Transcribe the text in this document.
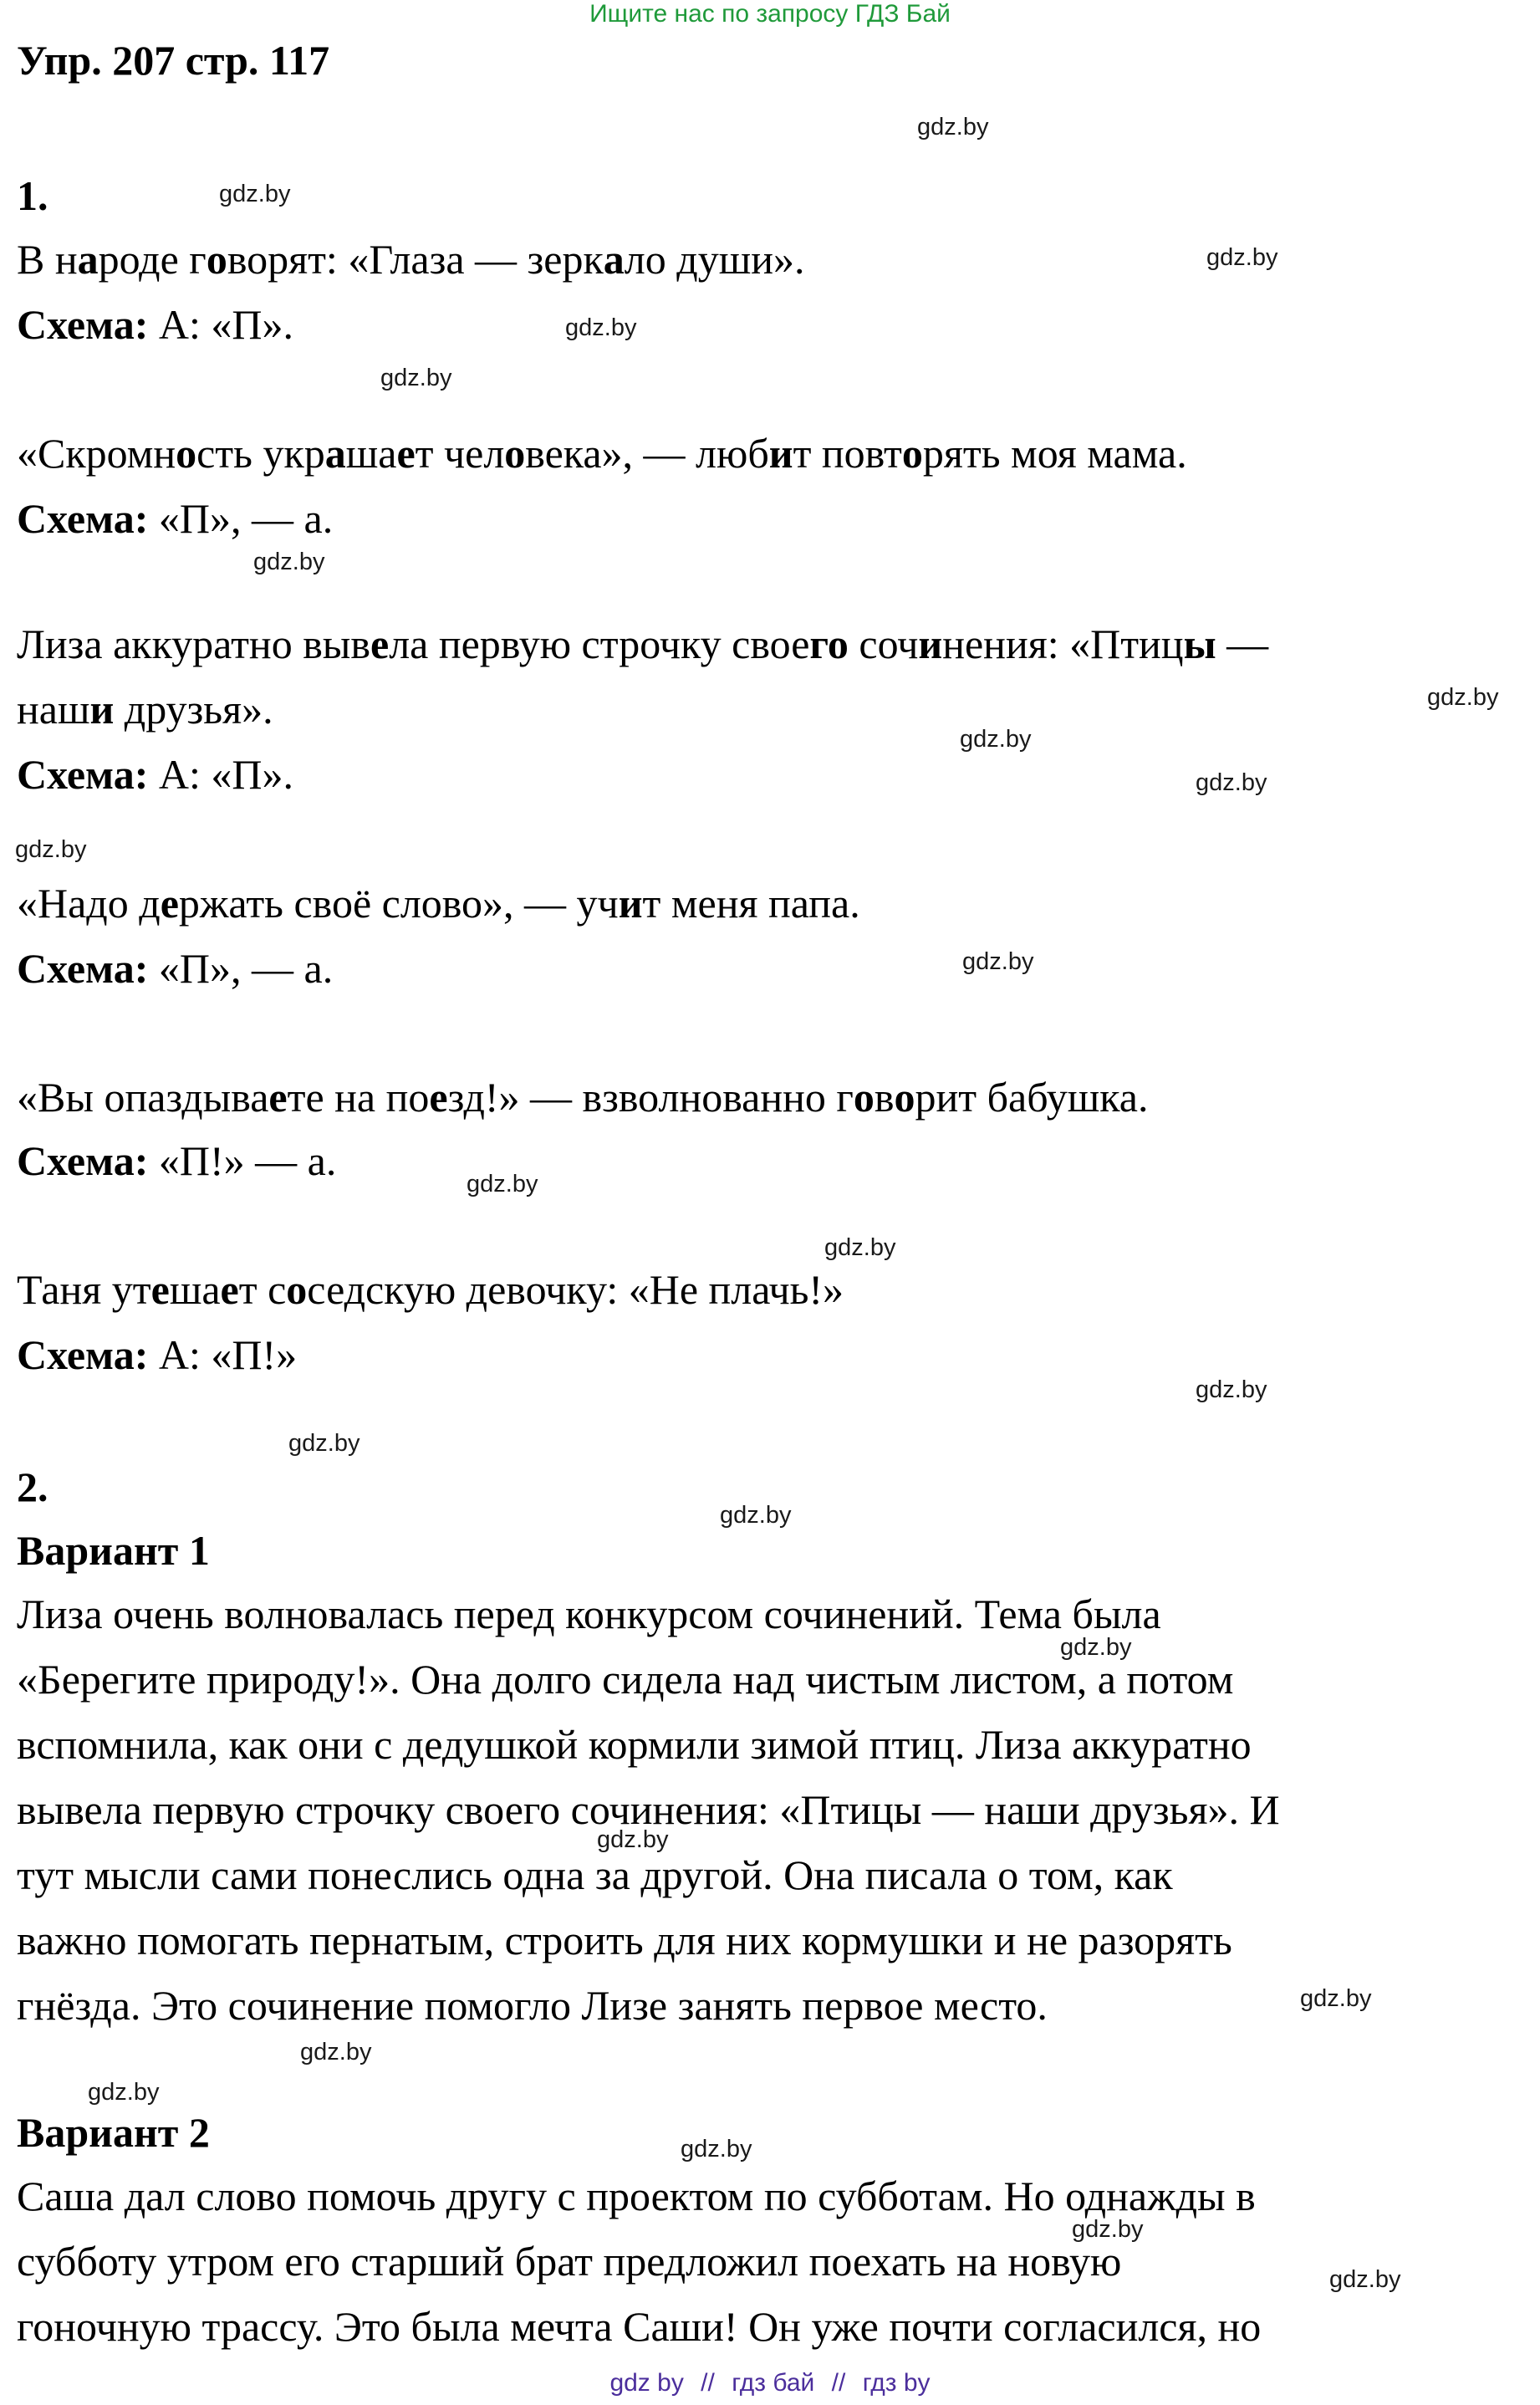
Ищите нас по запросу ГДЗ Бай
Упр. 207 стр. 117
1.
В народе говорят: «Глаза — зеркало души».
Схема: А: «П».
«Скромность украшает человека», — любит повторять моя мама.
Схема: «П», — а.
Лиза аккуратно вывела первую строчку своего сочинения: «Птицы —
наши друзья».
Схема: А: «П».
«Надо держать своё слово», — учит меня папа.
Схема: «П», — а.
«Вы опаздываете на поезд!» — взволнованно говорит бабушка.
Схема: «П!» — а.
Таня утешает соседскую девочку: «Не плачь!»
Схема: А: «П!»
2.
Вариант 1
Лиза очень волновалась перед конкурсом сочинений. Тема была
«Берегите природу!». Она долго сидела над чистым листом, а потом
вспомнила, как они с дедушкой кормили зимой птиц. Лиза аккуратно
вывела первую строчку своего сочинения: «Птицы — наши друзья». И
тут мысли сами понеслись одна за другой. Она писала о том, как
важно помогать пернатым, строить для них кормушки и не разорять
гнёзда. Это сочинение помогло Лизе занять первое место.
Вариант 2
Саша дал слово помочь другу с проектом по субботам. Но однажды в
субботу утром его старший брат предложил поехать на новую
гоночную трассу. Это была мечта Саши! Он уже почти согласился, но
gdz.by
gdz.by
gdz.by
gdz.by
gdz.by
gdz.by
gdz.by
gdz.by
gdz.by
gdz.by
gdz.by
gdz.by
gdz.by
gdz.by
gdz.by
gdz.by
gdz.by
gdz.by
gdz.by
gdz.by
gdz.by
gdz.by
gdz.by
gdz.by
gdz by // гдз бай // гдз by
